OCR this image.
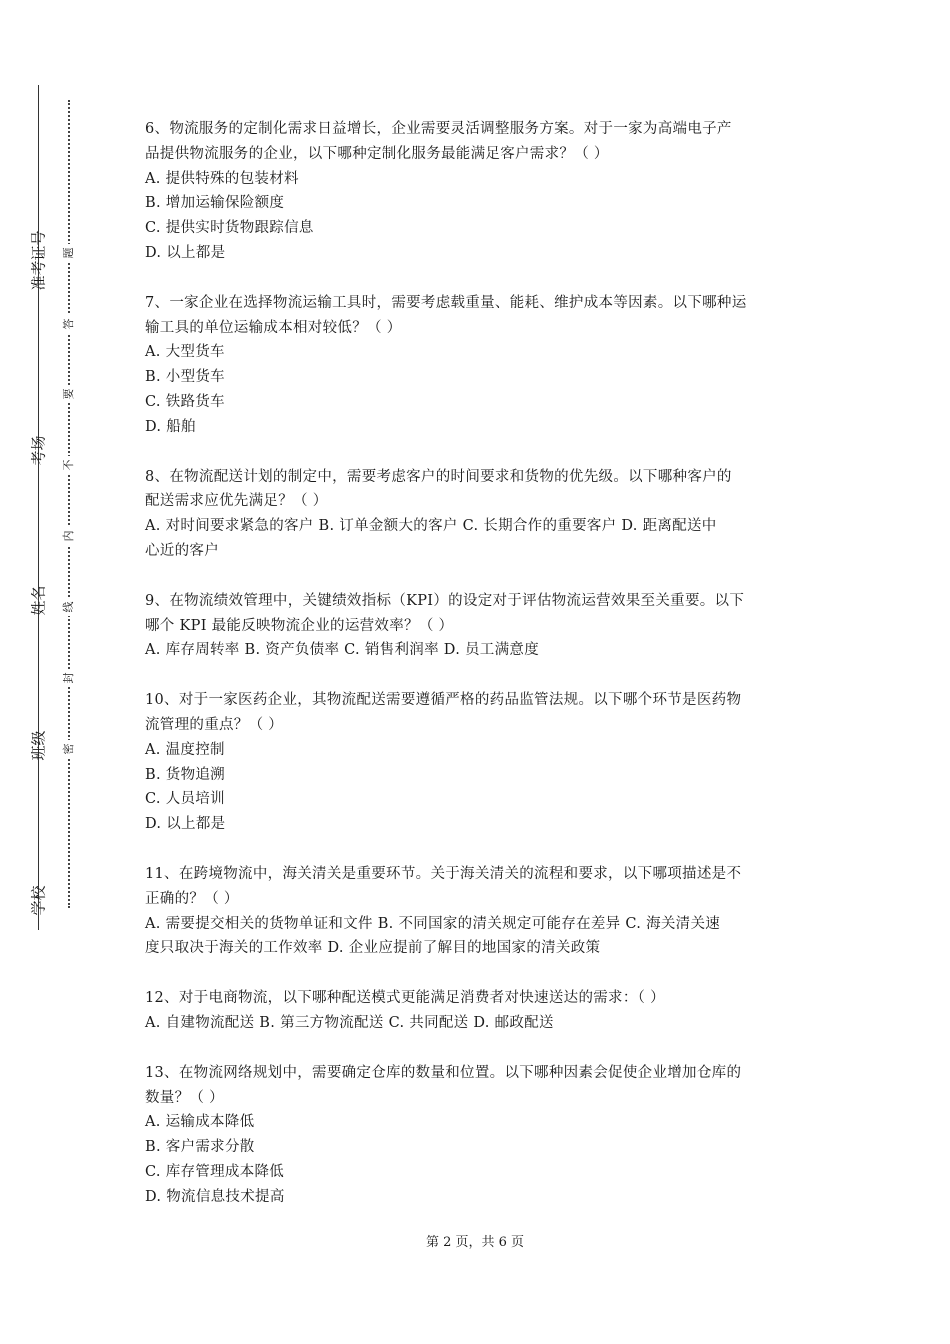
准考证号
考场
姓名
班级
学校
题
答
要
不
内
线
封
密
6、物流服务的定制化需求日益增长，企业需要灵活调整服务方案。对于一家为高端电子产
品提供物流服务的企业，以下哪种定制化服务最能满足客户需求？（ ）
A. 提供特殊的包装材料
B. 增加运输保险额度
C. 提供实时货物跟踪信息
D. 以上都是
7、一家企业在选择物流运输工具时，需要考虑载重量、能耗、维护成本等因素。以下哪种运
输工具的单位运输成本相对较低？（ ）
A. 大型货车
B. 小型货车
C. 铁路货车
D. 船舶
8、在物流配送计划的制定中，需要考虑客户的时间要求和货物的优先级。以下哪种客户的
配送需求应优先满足？（ ）
A. 对时间要求紧急的客户 B. 订单金额大的客户 C. 长期合作的重要客户 D. 距离配送中
心近的客户
9、在物流绩效管理中，关键绩效指标（KPI）的设定对于评估物流运营效果至关重要。以下
哪个 KPI 最能反映物流企业的运营效率？（ ）
A. 库存周转率 B. 资产负债率 C. 销售利润率 D. 员工满意度
10、对于一家医药企业，其物流配送需要遵循严格的药品监管法规。以下哪个环节是医药物
流管理的重点？（ ）
A. 温度控制
B. 货物追溯
C. 人员培训
D. 以上都是
11、在跨境物流中，海关清关是重要环节。关于海关清关的流程和要求，以下哪项描述是不
正确的？（ ）
A. 需要提交相关的货物单证和文件 B. 不同国家的清关规定可能存在差异 C. 海关清关速
度只取决于海关的工作效率 D. 企业应提前了解目的地国家的清关政策
12、对于电商物流，以下哪种配送模式更能满足消费者对快速送达的需求：（ ）
A. 自建物流配送 B. 第三方物流配送 C. 共同配送 D. 邮政配送
13、在物流网络规划中，需要确定仓库的数量和位置。以下哪种因素会促使企业增加仓库的
数量？（ ）
A. 运输成本降低
B. 客户需求分散
C. 库存管理成本降低
D. 物流信息技术提高
第 2 页，共 6 页
